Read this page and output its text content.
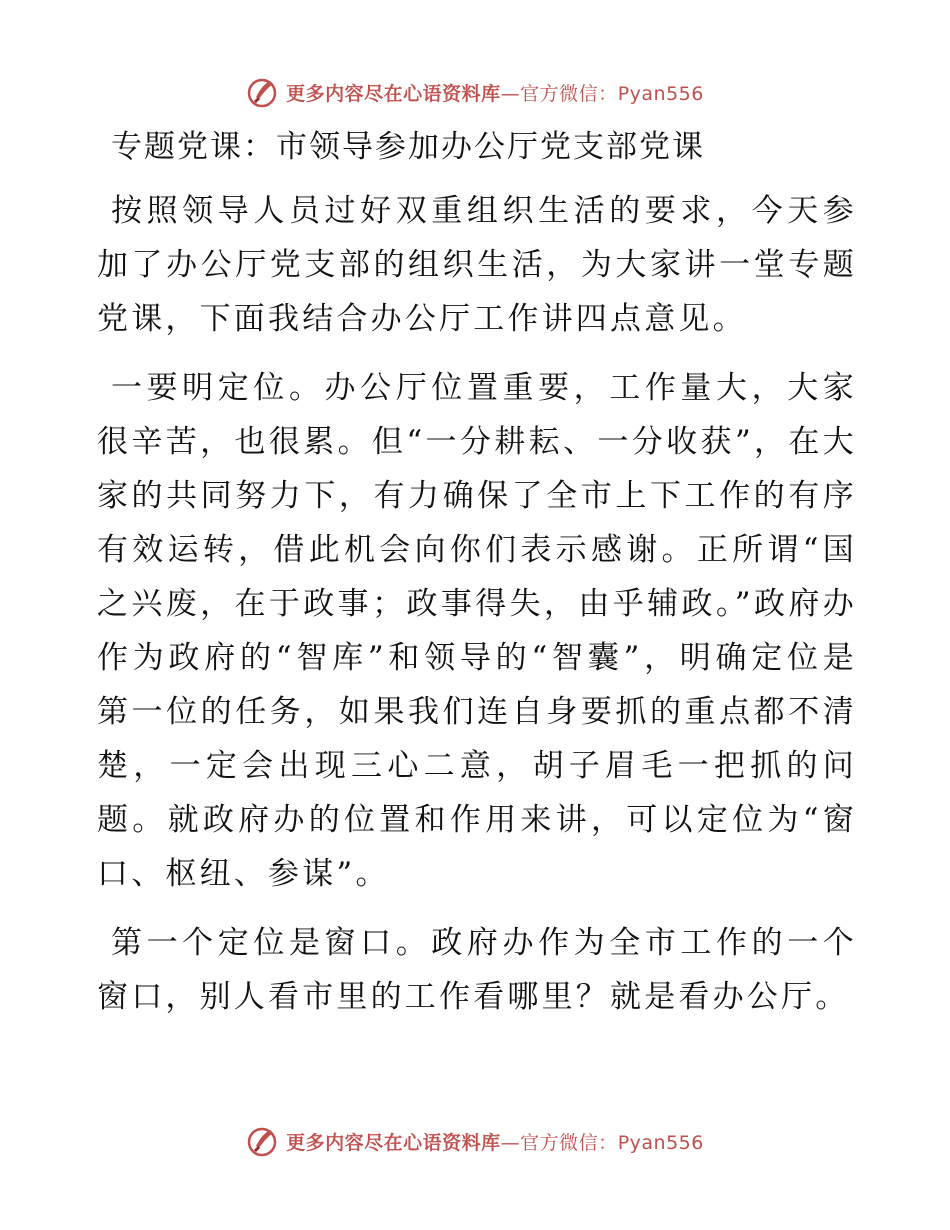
更多内容尽在心语资料库—官方微信：Pyan556
专题党课：市领导参加办公厅党支部党课

按照领导人员过好双重组织生活的要求，今天参加了办公厅党支部的组织生活，为大家讲一堂专题党课，下面我结合办公厅工作讲四点意见。

一要明定位。办公厅位置重要，工作量大，大家很辛苦，也很累。但“一分耕耘、一分收获”，在大家的共同努力下，有力确保了全市上下工作的有序有效运转，借此机会向你们表示感谢。正所谓“国之兴废，在于政事；政事得失，由乎辅政。”政府办作为政府的“智库”和领导的“智囊”，明确定位是第一位的任务，如果我们连自身要抓的重点都不清楚，一定会出现三心二意，胡子眉毛一把抓的问题。就政府办的位置和作用来讲，可以定位为“窗口、枢纽、参谋”。

第一个定位是窗口。政府办作为全市工作的一个窗口，别人看市里的工作看哪里？就是看办公厅。

更多内容尽在心语资料库—官方微信：Pyan556
